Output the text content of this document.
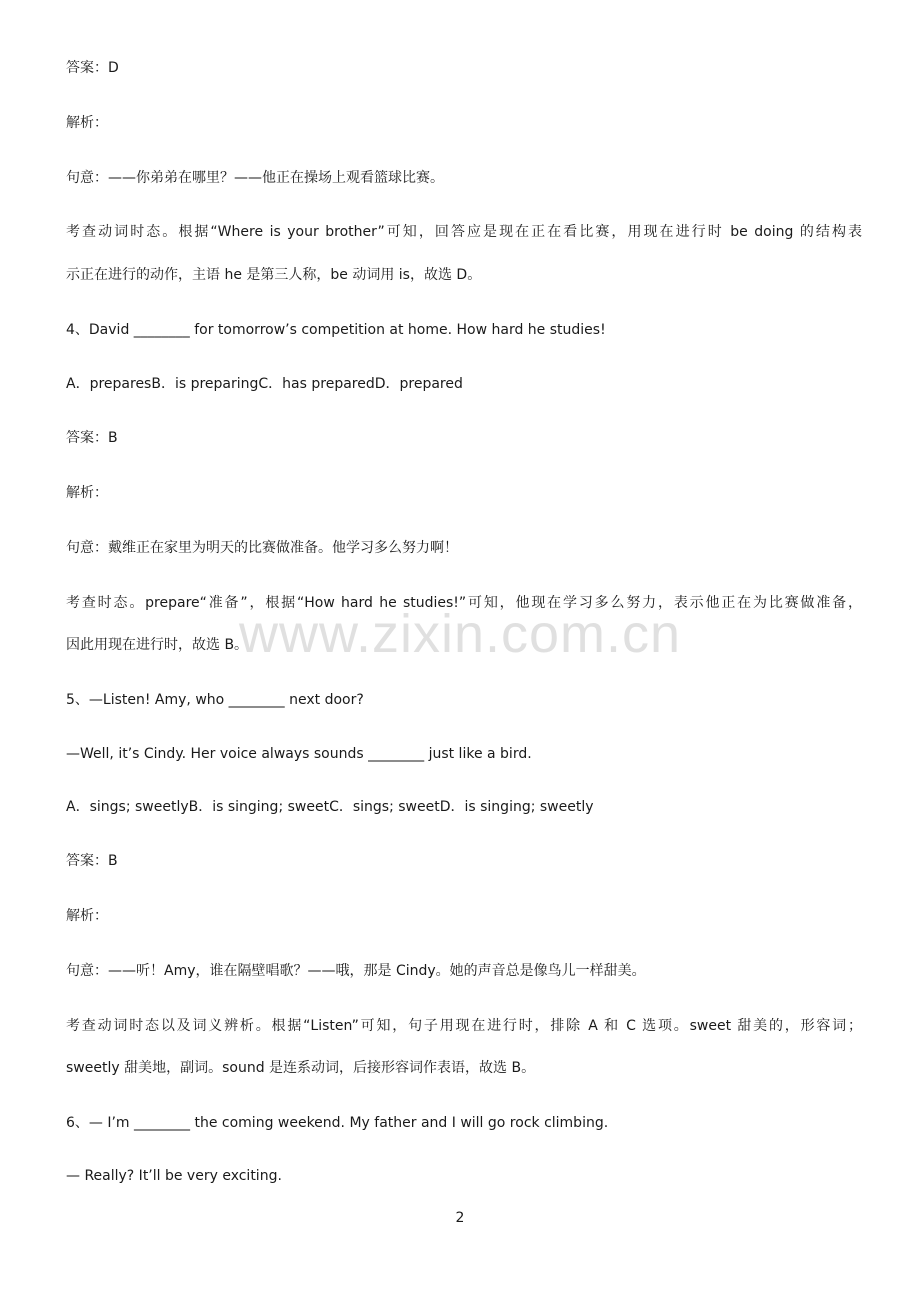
答案：D
解析：
句意：——你弟弟在哪里？——他正在操场上观看篮球比赛。
考查动词时态。根据“Where is your brother”可知，回答应是现在正在看比赛，用现在进行时 be doing 的结构表
示正在进行的动作，主语 he 是第三人称，be 动词用 is，故选 D。
4、David ________ for tomorrow’s competition at home. How hard he studies!
A．preparesB．is preparingC．has preparedD．prepared
答案：B
解析：
句意：戴维正在家里为明天的比赛做准备。他学习多么努力啊！
考查时态。prepare“准备”，根据“How hard he studies!”可知，他现在学习多么努力，表示他正在为比赛做准备，
因此用现在进行时，故选 B。
5、—Listen! Amy, who ________ next door?
—Well, it’s Cindy. Her voice always sounds ________ just like a bird.
A．sings; sweetlyB．is singing; sweetC．sings; sweetD．is singing; sweetly
答案：B
解析：
句意：——听！Amy，谁在隔壁唱歌？——哦，那是 Cindy。她的声音总是像鸟儿一样甜美。
考查动词时态以及词义辨析。根据“Listen”可知，句子用现在进行时，排除 A 和 C 选项。sweet 甜美的，形容词；
sweetly 甜美地，副词。sound 是连系动词，后接形容词作表语，故选 B。
6、— I’m ________ the coming weekend. My father and I will go rock climbing.
— Really? It’ll be very exciting.
www.zixin.com.cn
2
